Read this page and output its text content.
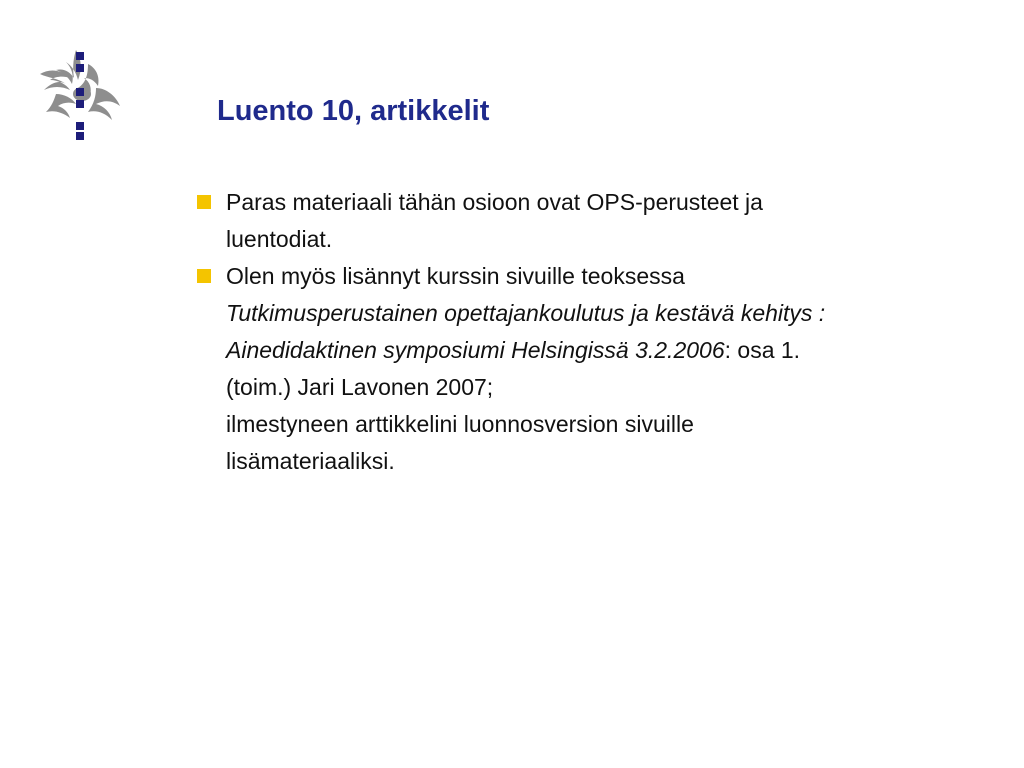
Luento 10, artikkelit
Paras materiaali tähän osioon ovat OPS-perusteet ja
luentodiat.
Olen myös lisännyt kurssin sivuille teoksessa
Tutkimusperustainen opettajankoulutus ja kestävä kehitys :
Ainedidaktinen symposiumi Helsingissä 3.2.2006: osa 1.
(toim.) Jari Lavonen 2007;
ilmestyneen arttikkelini luonnosversion sivuille
lisämateriaaliksi.
